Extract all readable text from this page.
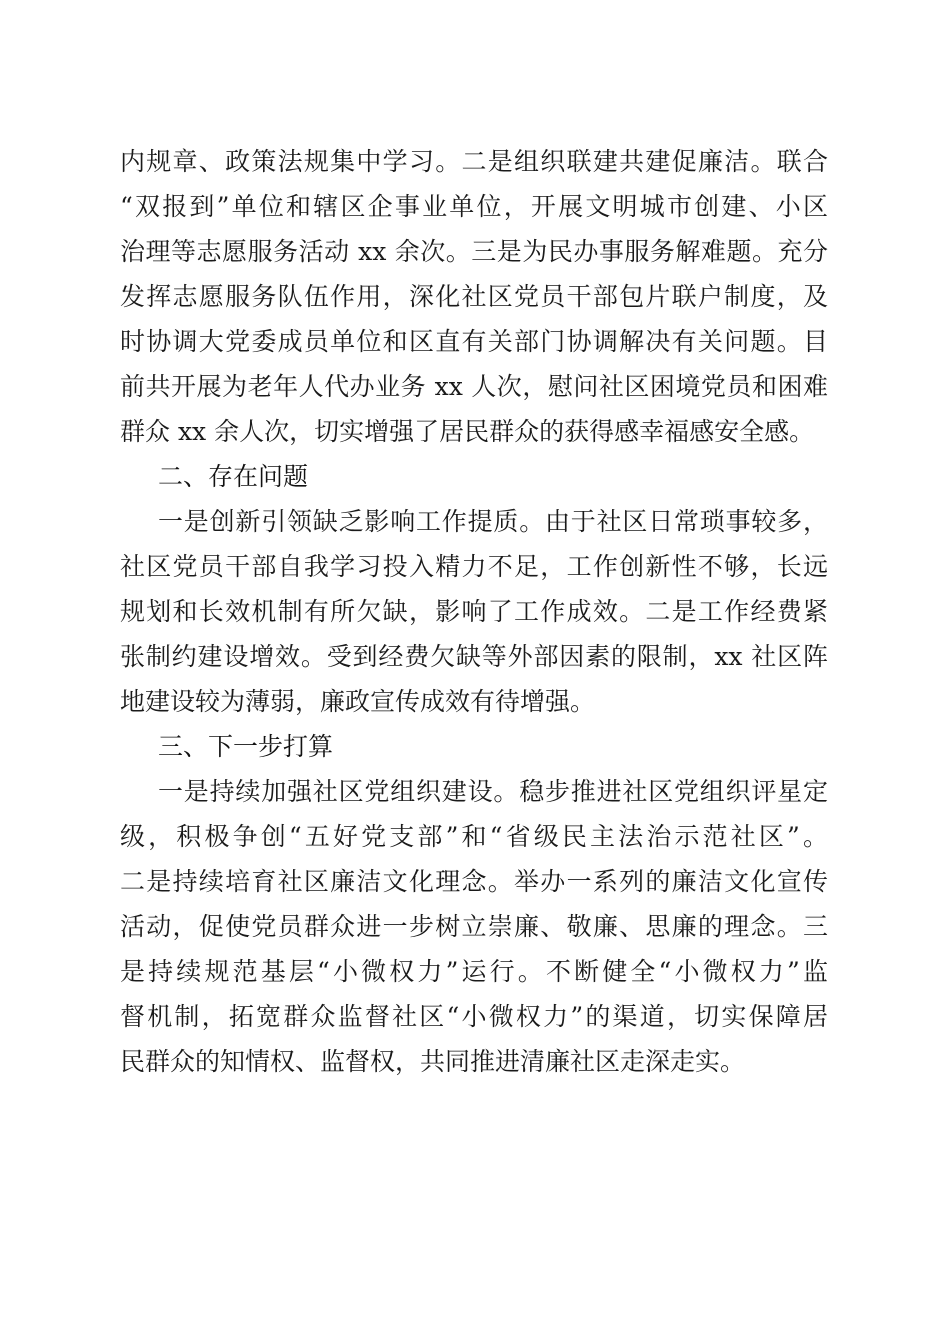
内规章、政策法规集中学习。二是组织联建共建促廉洁。联合
“双报到”单位和辖区企事业单位，开展文明城市创建、小区
治理等志愿服务活动 xx 余次。三是为民办事服务解难题。充分
发挥志愿服务队伍作用，深化社区党员干部包片联户制度，及
时协调大党委成员单位和区直有关部门协调解决有关问题。目
前共开展为老年人代办业务 xx 人次，慰问社区困境党员和困难
群众 xx 余人次，切实增强了居民群众的获得感幸福感安全感。
二、存在问题
一是创新引领缺乏影响工作提质。由于社区日常琐事较多，
社区党员干部自我学习投入精力不足，工作创新性不够，长远
规划和长效机制有所欠缺，影响了工作成效。二是工作经费紧
张制约建设增效。受到经费欠缺等外部因素的限制，xx 社区阵
地建设较为薄弱，廉政宣传成效有待增强。
三、下一步打算
一是持续加强社区党组织建设。稳步推进社区党组织评星定
级，积极争创“五好党支部”和“省级民主法治示范社区”。
二是持续培育社区廉洁文化理念。举办一系列的廉洁文化宣传
活动，促使党员群众进一步树立崇廉、敬廉、思廉的理念。三
是持续规范基层“小微权力”运行。不断健全“小微权力”监
督机制，拓宽群众监督社区“小微权力”的渠道，切实保障居
民群众的知情权、监督权，共同推进清廉社区走深走实。
